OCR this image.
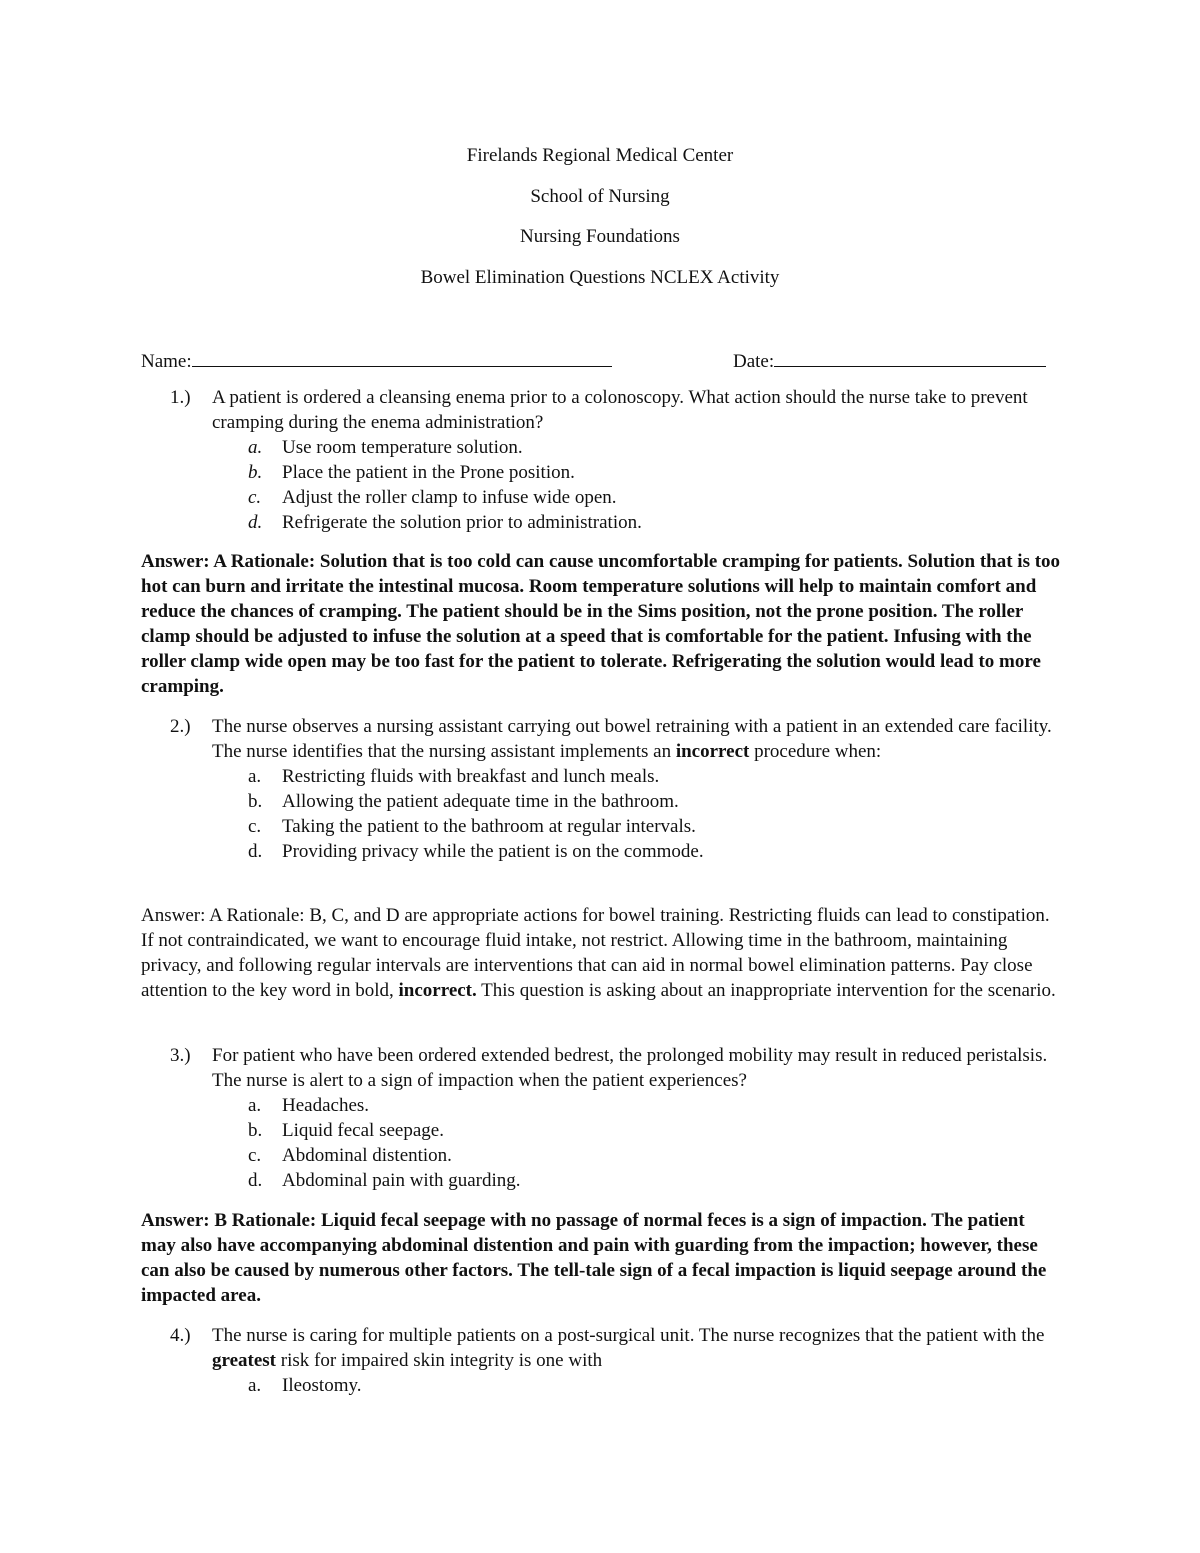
Firelands Regional Medical Center
School of Nursing
Nursing Foundations
Bowel Elimination Questions NCLEX Activity
Name:	Date:
1.) A patient is ordered a cleansing enema prior to a colonoscopy. What action should the nurse take to prevent cramping during the enema administration?
a. Use room temperature solution.
b. Place the patient in the Prone position.
c. Adjust the roller clamp to infuse wide open.
d. Refrigerate the solution prior to administration.
Answer: A Rationale: Solution that is too cold can cause uncomfortable cramping for patients. Solution that is too hot can burn and irritate the intestinal mucosa. Room temperature solutions will help to maintain comfort and reduce the chances of cramping. The patient should be in the Sims position, not the prone position. The roller clamp should be adjusted to infuse the solution at a speed that is comfortable for the patient. Infusing with the roller clamp wide open may be too fast for the patient to tolerate. Refrigerating the solution would lead to more cramping.
2.) The nurse observes a nursing assistant carrying out bowel retraining with a patient in an extended care facility. The nurse identifies that the nursing assistant implements an incorrect procedure when:
a. Restricting fluids with breakfast and lunch meals.
b. Allowing the patient adequate time in the bathroom.
c. Taking the patient to the bathroom at regular intervals.
d. Providing privacy while the patient is on the commode.
Answer: A Rationale: B, C, and D are appropriate actions for bowel training. Restricting fluids can lead to constipation. If not contraindicated, we want to encourage fluid intake, not restrict. Allowing time in the bathroom, maintaining privacy, and following regular intervals are interventions that can aid in normal bowel elimination patterns. Pay close attention to the key word in bold, incorrect. This question is asking about an inappropriate intervention for the scenario.
3.) For patient who have been ordered extended bedrest, the prolonged mobility may result in reduced peristalsis. The nurse is alert to a sign of impaction when the patient experiences?
a. Headaches.
b. Liquid fecal seepage.
c. Abdominal distention.
d. Abdominal pain with guarding.
Answer: B Rationale: Liquid fecal seepage with no passage of normal feces is a sign of impaction. The patient may also have accompanying abdominal distention and pain with guarding from the impaction; however, these can also be caused by numerous other factors. The tell-tale sign of a fecal impaction is liquid seepage around the impacted area.
4.) The nurse is caring for multiple patients on a post-surgical unit. The nurse recognizes that the patient with the greatest risk for impaired skin integrity is one with
a. Ileostomy.
